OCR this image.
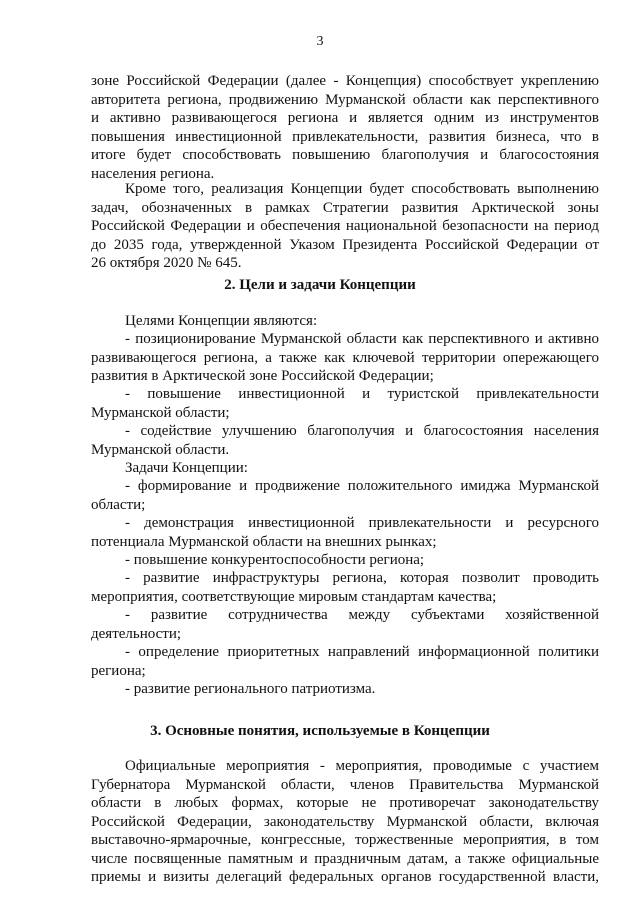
3
зоне Российской Федерации (далее - Концепция) способствует укреплению
авторитета региона, продвижению Мурманской области как перспективного
и активно развивающегося региона и является одним из инструментов
повышения инвестиционной привлекательности, развития бизнеса, что в
итоге будет способствовать повышению благополучия и благосостояния
населения региона.
Кроме того, реализация Концепции будет способствовать выполнению
задач, обозначенных в рамках Стратегии развития Арктической зоны
Российской Федерации и обеспечения национальной безопасности на период
до 2035 года, утвержденной Указом Президента Российской Федерации от
26 октября 2020 № 645.
2. Цели и задачи Концепции
Целями Концепции являются:
- позиционирование Мурманской области как перспективного и активно
развивающегося региона, а также как ключевой территории опережающего
развития в Арктической зоне Российской Федерации;
- повышение инвестиционной и туристской привлекательности
Мурманской области;
- содействие улучшению благополучия и благосостояния населения
Мурманской области.
Задачи Концепции:
- формирование и продвижение положительного имиджа Мурманской
области;
- демонстрация инвестиционной привлекательности и ресурсного
потенциала Мурманской области на внешних рынках;
- повышение конкурентоспособности региона;
- развитие инфраструктуры региона, которая позволит проводить
мероприятия, соответствующие мировым стандартам качества;
- развитие сотрудничества между субъектами хозяйственной
деятельности;
- определение приоритетных направлений информационной политики
региона;
- развитие регионального патриотизма.
3. Основные понятия, используемые в Концепции
Официальные мероприятия - мероприятия, проводимые с участием
Губернатора Мурманской области, членов Правительства Мурманской
области в любых формах, которые не противоречат законодательству
Российской Федерации, законодательству Мурманской области, включая
выставочно-ярмарочные, конгрессные, торжественные мероприятия, в том
числе посвященные памятным и праздничным датам, а также официальные
приемы и визиты делегаций федеральных органов государственной власти,
